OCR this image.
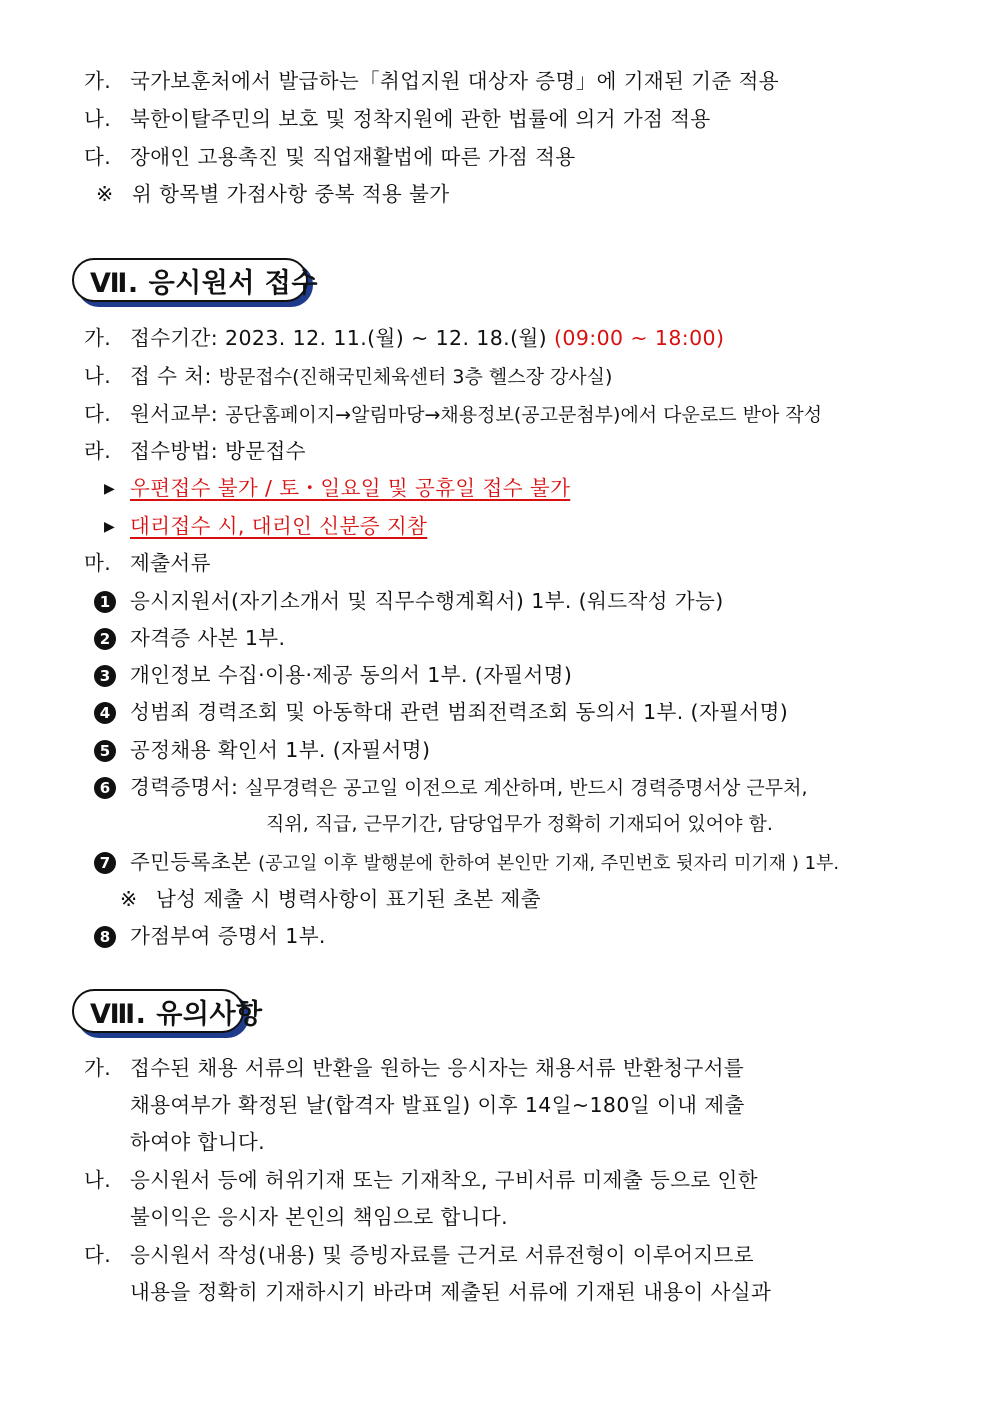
가. 국가보훈처에서 발급하는「취업지원 대상자 증명」에 기재된 기준 적용
나. 북한이탈주민의 보호 및 정착지원에 관한 법률에 의거 가점 적용
다. 장애인 고용촉진 및 직업재활법에 따른 가점 적용
※ 위 항목별 가점사항 중복 적용 불가
Ⅶ. 응시원서 접수
가. 접수기간: 2023. 12. 11.(월) ~ 12. 18.(월) (09:00 ~ 18:00)
나. 접 수 처: 방문접수(진해국민체육센터 3층 헬스장 강사실)
다. 원서교부: 공단홈페이지→알림마당→채용정보(공고문첨부)에서 다운로드 받아 작성
라. 접수방법: 방문접수
▶ 우편접수 불가 / 토・일요일 및 공휴일 접수 불가
▶ 대리접수 시, 대리인 신분증 지참
마. 제출서류
1 응시지원서(자기소개서 및 직무수행계획서) 1부. (워드작성 가능)
2 자격증 사본 1부.
3 개인정보 수집·이용·제공 동의서 1부. (자필서명)
4 성범죄 경력조회 및 아동학대 관련 범죄전력조회 동의서 1부. (자필서명)
5 공정채용 확인서 1부. (자필서명)
6 경력증명서: 실무경력은 공고일 이전으로 계산하며, 반드시 경력증명서상 근무처,
직위, 직급, 근무기간, 담당업무가 정확히 기재되어 있어야 함.
7 주민등록초본 (공고일 이후 발행분에 한하여 본인만 기재, 주민번호 뒷자리 미기재 ) 1부.
※ 남성 제출 시 병력사항이 표기된 초본 제출
8 가점부여 증명서 1부.
Ⅷ. 유의사항
가. 접수된 채용 서류의 반환을 원하는 응시자는 채용서류 반환청구서를
채용여부가 확정된 날(합격자 발표일) 이후 14일~180일 이내 제출
하여야 합니다.
나. 응시원서 등에 허위기재 또는 기재착오, 구비서류 미제출 등으로 인한
불이익은 응시자 본인의 책임으로 합니다.
다. 응시원서 작성(내용) 및 증빙자료를 근거로 서류전형이 이루어지므로
내용을 정확히 기재하시기 바라며 제출된 서류에 기재된 내용이 사실과
